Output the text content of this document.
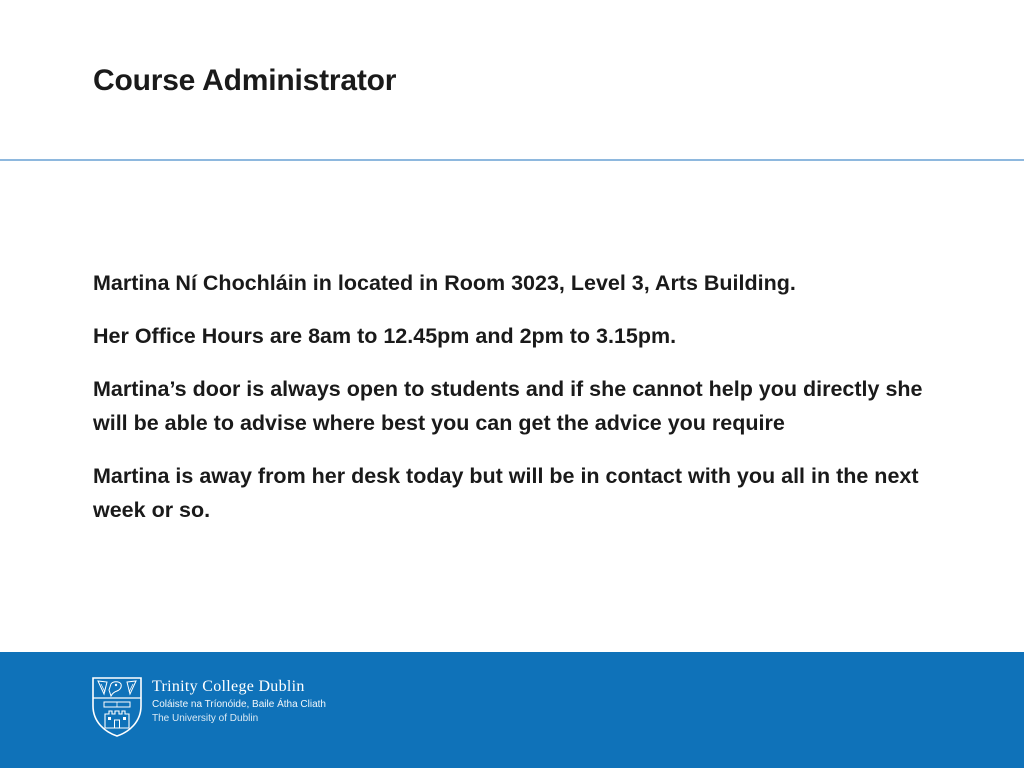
Course Administrator

Martina Ní Chochláin in located in Room 3023, Level 3, Arts Building.

Her Office Hours are 8am to 12.45pm and 2pm to 3.15pm.

Martina’s door is always open to students and if she cannot help you directly she will be able to advise where best you can get the advice you require

Martina is away from her desk today but will be in contact with you all in the next week or so.

Trinity College Dublin
Coláiste na Tríonóide, Baile Átha Cliath
The University of Dublin
